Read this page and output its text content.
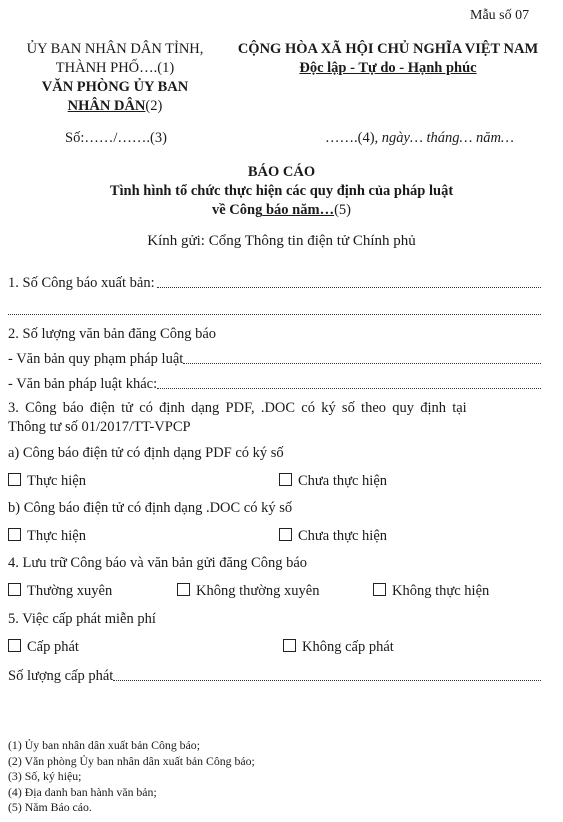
Mẫu số 07
ỦY BAN NHÂN DÂN TỈNH,
THÀNH PHỐ….(1)
VĂN PHÒNG ỦY BAN
NHÂN DÂN(2)
CỘNG HÒA XÃ HỘI CHỦ NGHĨA VIỆT NAM
Độc lập - Tự do - Hạnh phúc
Số:……/…….(3)	…….(4), ngày… tháng… năm…
BÁO CÁO
Tình hình tổ chức thực hiện các quy định của pháp luật
về Công báo năm…(5)
Kính gửi: Cổng Thông tin điện tử Chính phủ
1. Số Công báo xuất bản:
2. Số lượng văn bản đăng Công báo
- Văn bản quy phạm pháp luật
- Văn bản pháp luật khác:
3. Công báo điện tử có định dạng PDF, .DOC có ký số theo quy định tại
Thông tư số 01/2017/TT-VPCP
a) Công báo điện tử có định dạng PDF có ký số
Thực hiện	Chưa thực hiện
b) Công báo điện tử có định dạng .DOC có ký số
Thực hiện	Chưa thực hiện
4. Lưu trữ Công báo và văn bản gửi đăng Công báo
Thường xuyên	Không thường xuyên	Không thực hiện
5. Việc cấp phát miễn phí
Cấp phát	Không cấp phát
Số lượng cấp phát
(1) Ủy ban nhân dân xuất bản Công báo;
(2) Văn phòng Ủy ban nhân dân xuất bản Công báo;
(3) Số, ký hiệu;
(4) Địa danh ban hành văn bản;
(5) Năm Báo cáo.
